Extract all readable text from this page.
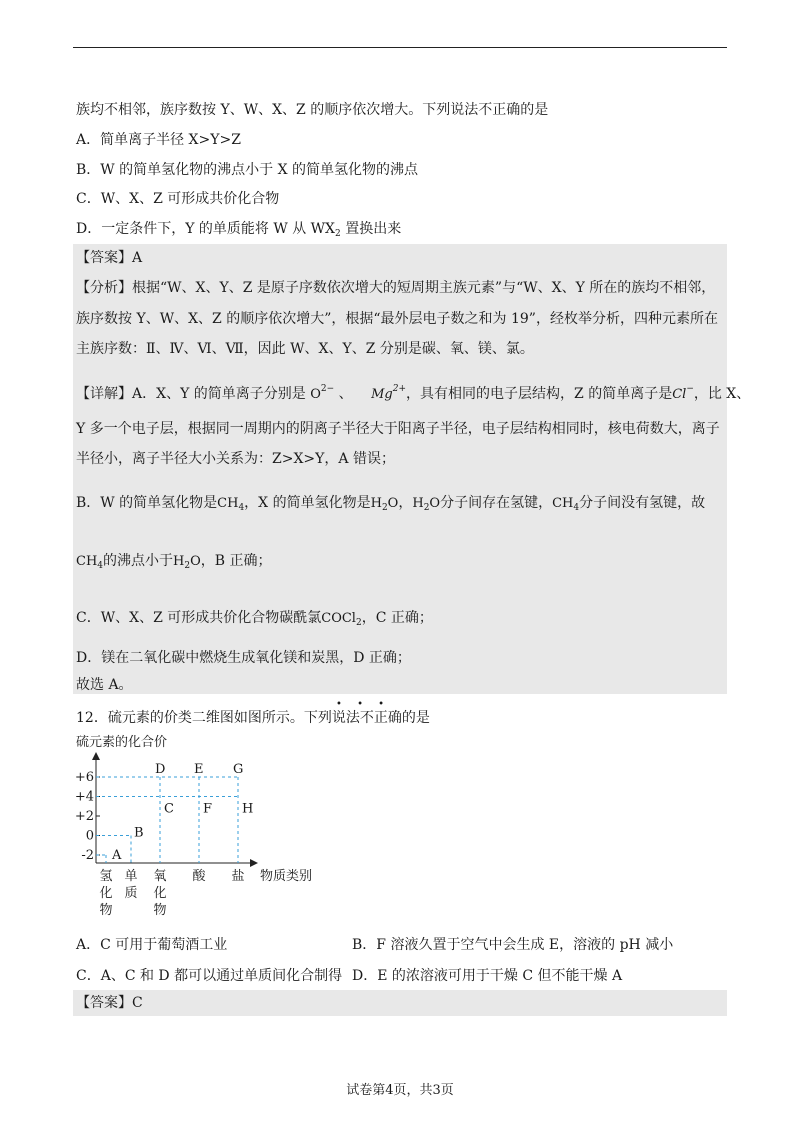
族均不相邻，族序数按 Y、W、X、Z 的顺序依次增大。下列说法不正确的是
A．简单离子半径 X>Y>Z
B．W 的简单氢化物的沸点小于 X 的简单氢化物的沸点
C．W、X、Z 可形成共价化合物
D．一定条件下，Y 的单质能将 W 从 $WX_2$ 置换出来
【答案】A
【分析】根据“W、X、Y、Z 是原子序数依次增大的短周期主族元素”与“W、X、Y 所在的族均不相邻，
族序数按 Y、W、X、Z 的顺序依次增大”，根据“最外层电子数之和为 19”，经枚举分析，四种元素所在
主族序数：Ⅱ、Ⅳ、Ⅵ、Ⅶ，因此 W、X、Y、Z 分别是碳、氧、镁、氯。
【详解】A．X、Y 的简单离子分别是 $O^{2-}$ 、 $Mg^{2+}$，具有相同的电子层结构，Z 的简单离子是Cl−，比 X、
Y 多一个电子层，根据同一周期内的阴离子半径大于阳离子半径，电子层结构相同时，核电荷数大，离子
半径小，离子半径大小关系为：Z>X>Y，A 错误；
B．W 的简单氢化物是$CH_4$，X 的简单氢化物是$H_2O$，$H_2O$分子间存在氢键，$CH_4$分子间没有氢键，故
$CH_4$的沸点小于$H_2O$，B 正确；
C．W、X、Z 可形成共价化合物碳酰氯COCl$_2$，C 正确；
D．镁在二氧化碳中燃烧生成氧化镁和炭黑，D 正确；
故选 A。
12．硫元素的价类二维图如图所示。下列说法不正确的是
• • •
硫元素的化合价
+6
+4
+2
0
-2 A
B
C
D E
F
G
H
氢
化
物
单
质
氧
化
物
酸 盐 物质类别
A．C 可用于葡萄酒工业	B．F 溶液久置于空气中会生成 E，溶液的 pH 减小
C．A、C 和 D 都可以通过单质间化合制得 D．E 的浓溶液可用于干燥 C 但不能干燥 A
【答案】C
试卷第4页，共3页
